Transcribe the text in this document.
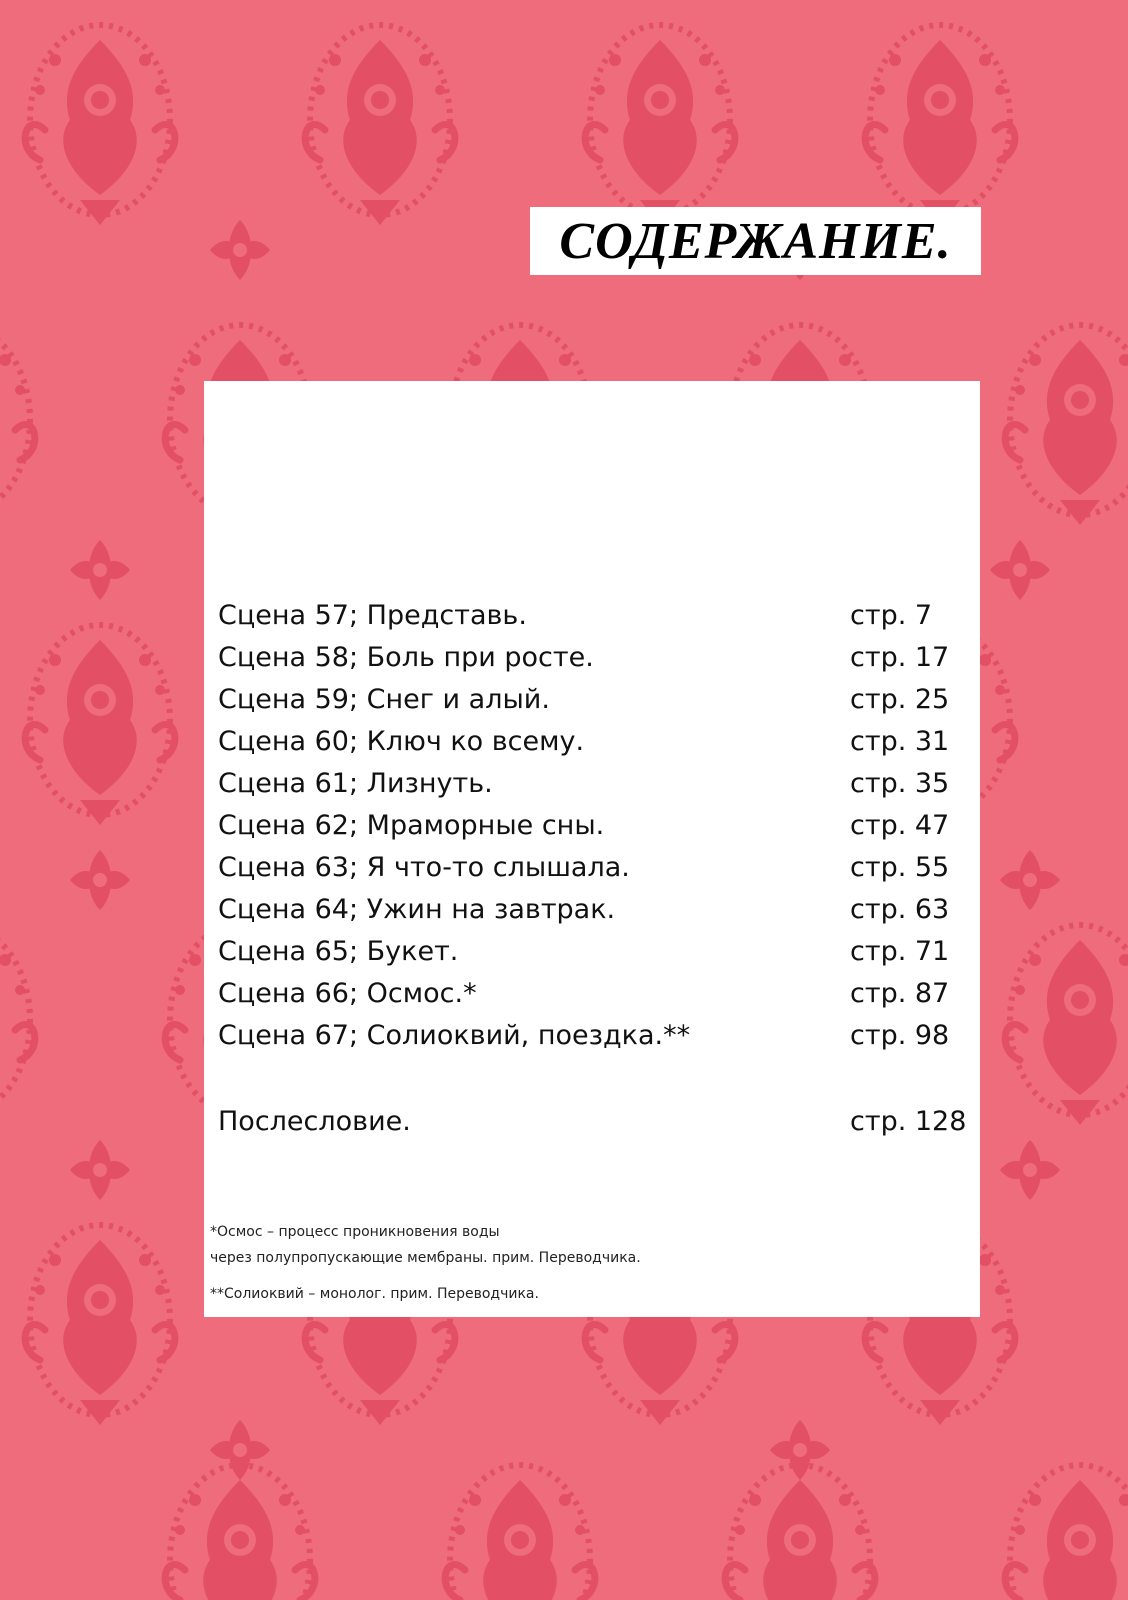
СОДЕРЖАНИЕ.
Сцена 57; Представь.	стр. 7
Сцена 58; Боль при росте.	стр. 17
Сцена 59; Снег и алый.	стр. 25
Сцена 60; Ключ ко всему.	стр. 31
Сцена 61; Лизнуть.	стр. 35
Сцена 62; Мраморные сны.	стр. 47
Сцена 63; Я что-то слышала.	стр. 55
Сцена 64; Ужин на завтрак.	стр. 63
Сцена 65; Букет.	стр. 71
Сцена 66; Осмос.*	стр. 87
Сцена 67; Солиоквий, поездка.**	стр. 98
Послесловие.	стр. 128

*Осмос – процесс проникновения воды
через полупропускающие мембраны. прим. Переводчика.

**Солиоквий – монолог. прим. Переводчика.
